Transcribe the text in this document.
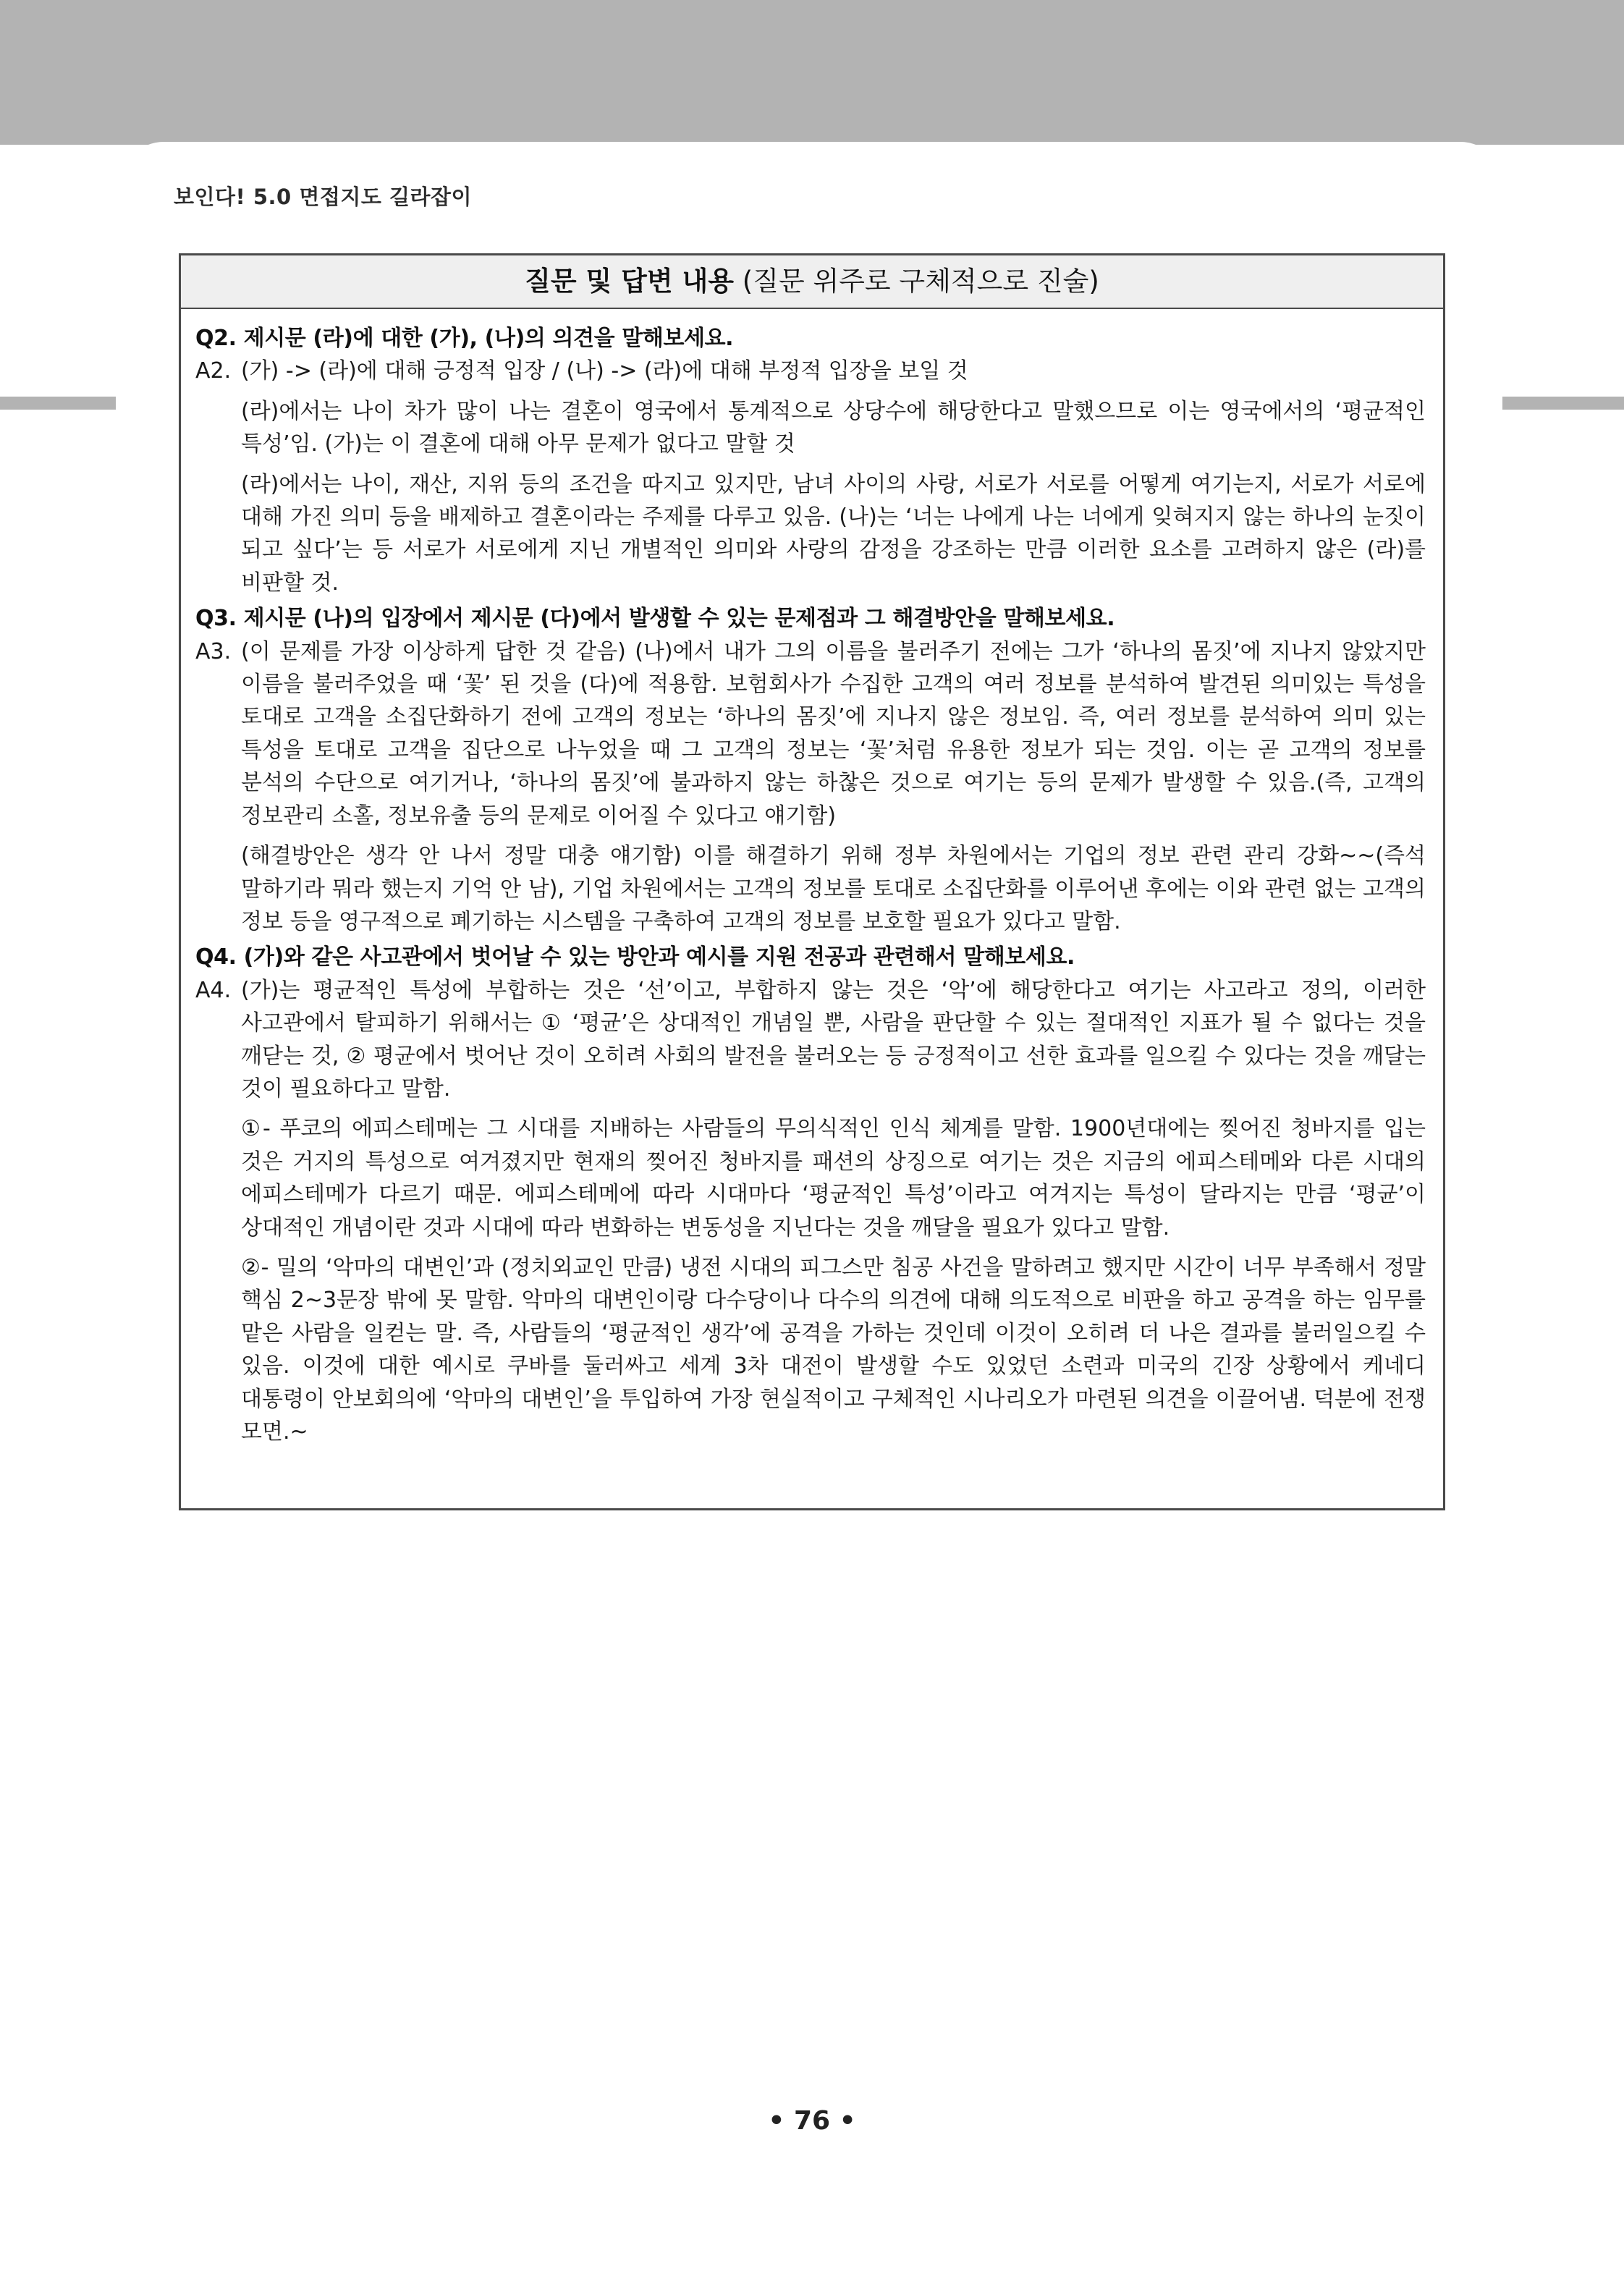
보인다! 5.0 면접지도 길라잡이
질문 및 답변 내용 (질문 위주로 구체적으로 진술)
Q2. 제시문 (라)에 대한 (가), (나)의 의견을 말해보세요.
A2. (가) -> (라)에 대해 긍정적 입장 / (나) -> (라)에 대해 부정적 입장을 보일 것
(라)에서는 나이 차가 많이 나는 결혼이 영국에서 통계적으로 상당수에 해당한다고 말했으므로 이는 영국에서의 ‘평균적인 특성’임. (가)는 이 결혼에 대해 아무 문제가 없다고 말할 것
(라)에서는 나이, 재산, 지위 등의 조건을 따지고 있지만, 남녀 사이의 사랑, 서로가 서로를 어떻게 여기는지, 서로가 서로에 대해 가진 의미 등을 배제하고 결혼이라는 주제를 다루고 있음. (나)는 ‘너는 나에게 나는 너에게 잊혀지지 않는 하나의 눈짓이 되고 싶다’는 등 서로가 서로에게 지닌 개별적인 의미와 사랑의 감정을 강조하는 만큼 이러한 요소를 고려하지 않은 (라)를 비판할 것.
Q3. 제시문 (나)의 입장에서 제시문 (다)에서 발생할 수 있는 문제점과 그 해결방안을 말해보세요.
A3. (이 문제를 가장 이상하게 답한 것 같음) (나)에서 내가 그의 이름을 불러주기 전에는 그가 ‘하나의 몸짓’에 지나지 않았지만 이름을 불러주었을 때 ‘꽃’ 된 것을 (다)에 적용함. 보험회사가 수집한 고객의 여러 정보를 분석하여 발견된 의미있는 특성을 토대로 고객을 소집단화하기 전에 고객의 정보는 ‘하나의 몸짓’에 지나지 않은 정보임. 즉, 여러 정보를 분석하여 의미 있는 특성을 토대로 고객을 집단으로 나누었을 때 그 고객의 정보는 ‘꽃’처럼 유용한 정보가 되는 것임. 이는 곧 고객의 정보를 분석의 수단으로 여기거나, ‘하나의 몸짓’에 불과하지 않는 하찮은 것으로 여기는 등의 문제가 발생할 수 있음.(즉, 고객의 정보관리 소홀, 정보유출 등의 문제로 이어질 수 있다고 얘기함)
(해결방안은 생각 안 나서 정말 대충 얘기함) 이를 해결하기 위해 정부 차원에서는 기업의 정보 관련 관리 강화~~(즉석 말하기라 뭐라 했는지 기억 안 남), 기업 차원에서는 고객의 정보를 토대로 소집단화를 이루어낸 후에는 이와 관련 없는 고객의 정보 등을 영구적으로 폐기하는 시스템을 구축하여 고객의 정보를 보호할 필요가 있다고 말함.
Q4. (가)와 같은 사고관에서 벗어날 수 있는 방안과 예시를 지원 전공과 관련해서 말해보세요.
A4. (가)는 평균적인 특성에 부합하는 것은 ‘선’이고, 부합하지 않는 것은 ‘악’에 해당한다고 여기는 사고라고 정의, 이러한 사고관에서 탈피하기 위해서는 ① ‘평균’은 상대적인 개념일 뿐, 사람을 판단할 수 있는 절대적인 지표가 될 수 없다는 것을 깨닫는 것, ② 평균에서 벗어난 것이 오히려 사회의 발전을 불러오는 등 긍정적이고 선한 효과를 일으킬 수 있다는 것을 깨달는 것이 필요하다고 말함.
①- 푸코의 에피스테메는 그 시대를 지배하는 사람들의 무의식적인 인식 체계를 말함. 1900년대에는 찢어진 청바지를 입는 것은 거지의 특성으로 여겨졌지만 현재의 찢어진 청바지를 패션의 상징으로 여기는 것은 지금의 에피스테메와 다른 시대의 에피스테메가 다르기 때문. 에피스테메에 따라 시대마다 ‘평균적인 특성’이라고 여겨지는 특성이 달라지는 만큼 ‘평균’이 상대적인 개념이란 것과 시대에 따라 변화하는 변동성을 지닌다는 것을 깨달을 필요가 있다고 말함.
②- 밀의 ‘악마의 대변인’과 (정치외교인 만큼) 냉전 시대의 피그스만 침공 사건을 말하려고 했지만 시간이 너무 부족해서 정말 핵심 2~3문장 밖에 못 말함. 악마의 대변인이랑 다수당이나 다수의 의견에 대해 의도적으로 비판을 하고 공격을 하는 임무를 맡은 사람을 일컫는 말. 즉, 사람들의 ‘평균적인 생각’에 공격을 가하는 것인데 이것이 오히려 더 나은 결과를 불러일으킬 수 있음. 이것에 대한 예시로 쿠바를 둘러싸고 세계 3차 대전이 발생할 수도 있었던 소련과 미국의 긴장 상황에서 케네디 대통령이 안보회의에 ‘악마의 대변인’을 투입하여 가장 현실적이고 구체적인 시나리오가 마련된 의견을 이끌어냄. 덕분에 전쟁 모면.~
• 76 •
